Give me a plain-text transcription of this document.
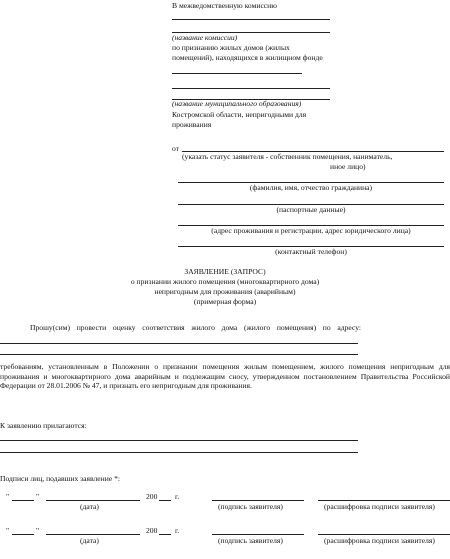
В межведомственную комиссию
(название комиссии)
по признанию жилых домов (жилых
помещений), находящихся в жилищном фонде
(название муниципального образования)
Костромской области, непригодными для
проживания
от
(указать статус заявителя - собственник помещения, наниматель,
иное лицо)
(фамилия, имя, отчество гражданина)
(паспортные данные)
(адрес проживания и регистрации, адрес юридического лица)
(контактный телефон)
ЗАЯВЛЕНИЕ (ЗАПРОС)
о признании жилого помещения (многоквартирного дома)
непригодным для проживания (аварийным)
(примерная форма)
Прошу(сим) провести оценку соответствия жилого дома (жилого помещения) по адресу:
требованиям, установленным в Положении о признании помещения жилым помещением, жилого помещения непригодным для проживания и многоквартирного дома аварийным и подлежащим сносу, утвержденном постановлением Правительства Российской Федерации от 28.01.2006 № 47, и признать его непригодным для проживания.
К заявлению прилагаются:
Подписи лиц, подавших заявление *:
"	"	200 г.
(дата)	(подпись заявителя)	(расшифровка подписи заявителя)
"	"	200 г.
(дата)	(подпись заявителя)	(расшифровка подписи заявителя)
